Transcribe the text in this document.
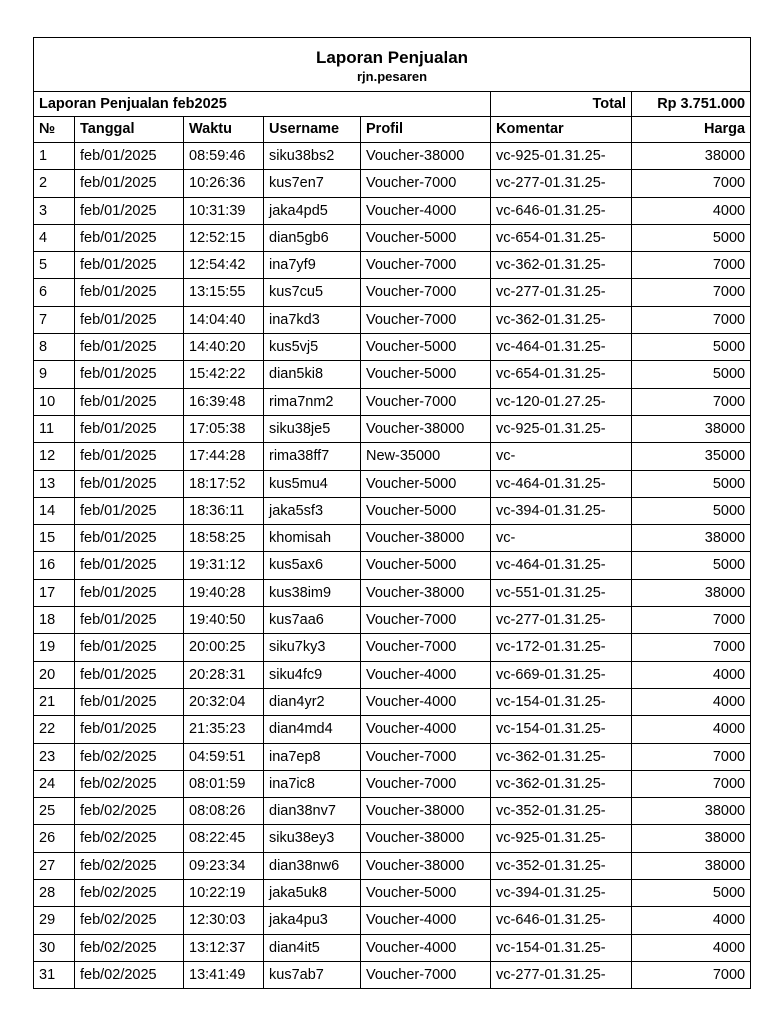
Laporan Penjualan
rjn.pesaren						

Laporan Penjualan feb2025					Total	Rp 3.751.000
№	Tanggal	Waktu	Username	Profil	Komentar	Harga
1	feb/01/2025	08:59:46	siku38bs2	Voucher-38000	vc-925-01.31.25-	38000
2	feb/01/2025	10:26:36	kus7en7	Voucher-7000	vc-277-01.31.25-	7000
3	feb/01/2025	10:31:39	jaka4pd5	Voucher-4000	vc-646-01.31.25-	4000
4	feb/01/2025	12:52:15	dian5gb6	Voucher-5000	vc-654-01.31.25-	5000
5	feb/01/2025	12:54:42	ina7yf9	Voucher-7000	vc-362-01.31.25-	7000
6	feb/01/2025	13:15:55	kus7cu5	Voucher-7000	vc-277-01.31.25-	7000
7	feb/01/2025	14:04:40	ina7kd3	Voucher-7000	vc-362-01.31.25-	7000
8	feb/01/2025	14:40:20	kus5vj5	Voucher-5000	vc-464-01.31.25-	5000
9	feb/01/2025	15:42:22	dian5ki8	Voucher-5000	vc-654-01.31.25-	5000
10	feb/01/2025	16:39:48	rima7nm2	Voucher-7000	vc-120-01.27.25-	7000
11	feb/01/2025	17:05:38	siku38je5	Voucher-38000	vc-925-01.31.25-	38000
12	feb/01/2025	17:44:28	rima38ff7	New-35000	vc-	35000
13	feb/01/2025	18:17:52	kus5mu4	Voucher-5000	vc-464-01.31.25-	5000
14	feb/01/2025	18:36:11	jaka5sf3	Voucher-5000	vc-394-01.31.25-	5000
15	feb/01/2025	18:58:25	khomisah	Voucher-38000	vc-	38000
16	feb/01/2025	19:31:12	kus5ax6	Voucher-5000	vc-464-01.31.25-	5000
17	feb/01/2025	19:40:28	kus38im9	Voucher-38000	vc-551-01.31.25-	38000
18	feb/01/2025	19:40:50	kus7aa6	Voucher-7000	vc-277-01.31.25-	7000
19	feb/01/2025	20:00:25	siku7ky3	Voucher-7000	vc-172-01.31.25-	7000
20	feb/01/2025	20:28:31	siku4fc9	Voucher-4000	vc-669-01.31.25-	4000
21	feb/01/2025	20:32:04	dian4yr2	Voucher-4000	vc-154-01.31.25-	4000
22	feb/01/2025	21:35:23	dian4md4	Voucher-4000	vc-154-01.31.25-	4000
23	feb/02/2025	04:59:51	ina7ep8	Voucher-7000	vc-362-01.31.25-	7000
24	feb/02/2025	08:01:59	ina7ic8	Voucher-7000	vc-362-01.31.25-	7000
25	feb/02/2025	08:08:26	dian38nv7	Voucher-38000	vc-352-01.31.25-	38000
26	feb/02/2025	08:22:45	siku38ey3	Voucher-38000	vc-925-01.31.25-	38000
27	feb/02/2025	09:23:34	dian38nw6	Voucher-38000	vc-352-01.31.25-	38000
28	feb/02/2025	10:22:19	jaka5uk8	Voucher-5000	vc-394-01.31.25-	5000
29	feb/02/2025	12:30:03	jaka4pu3	Voucher-4000	vc-646-01.31.25-	4000
30	feb/02/2025	13:12:37	dian4it5	Voucher-4000	vc-154-01.31.25-	4000
31	feb/02/2025	13:41:49	kus7ab7	Voucher-7000	vc-277-01.31.25-	7000
